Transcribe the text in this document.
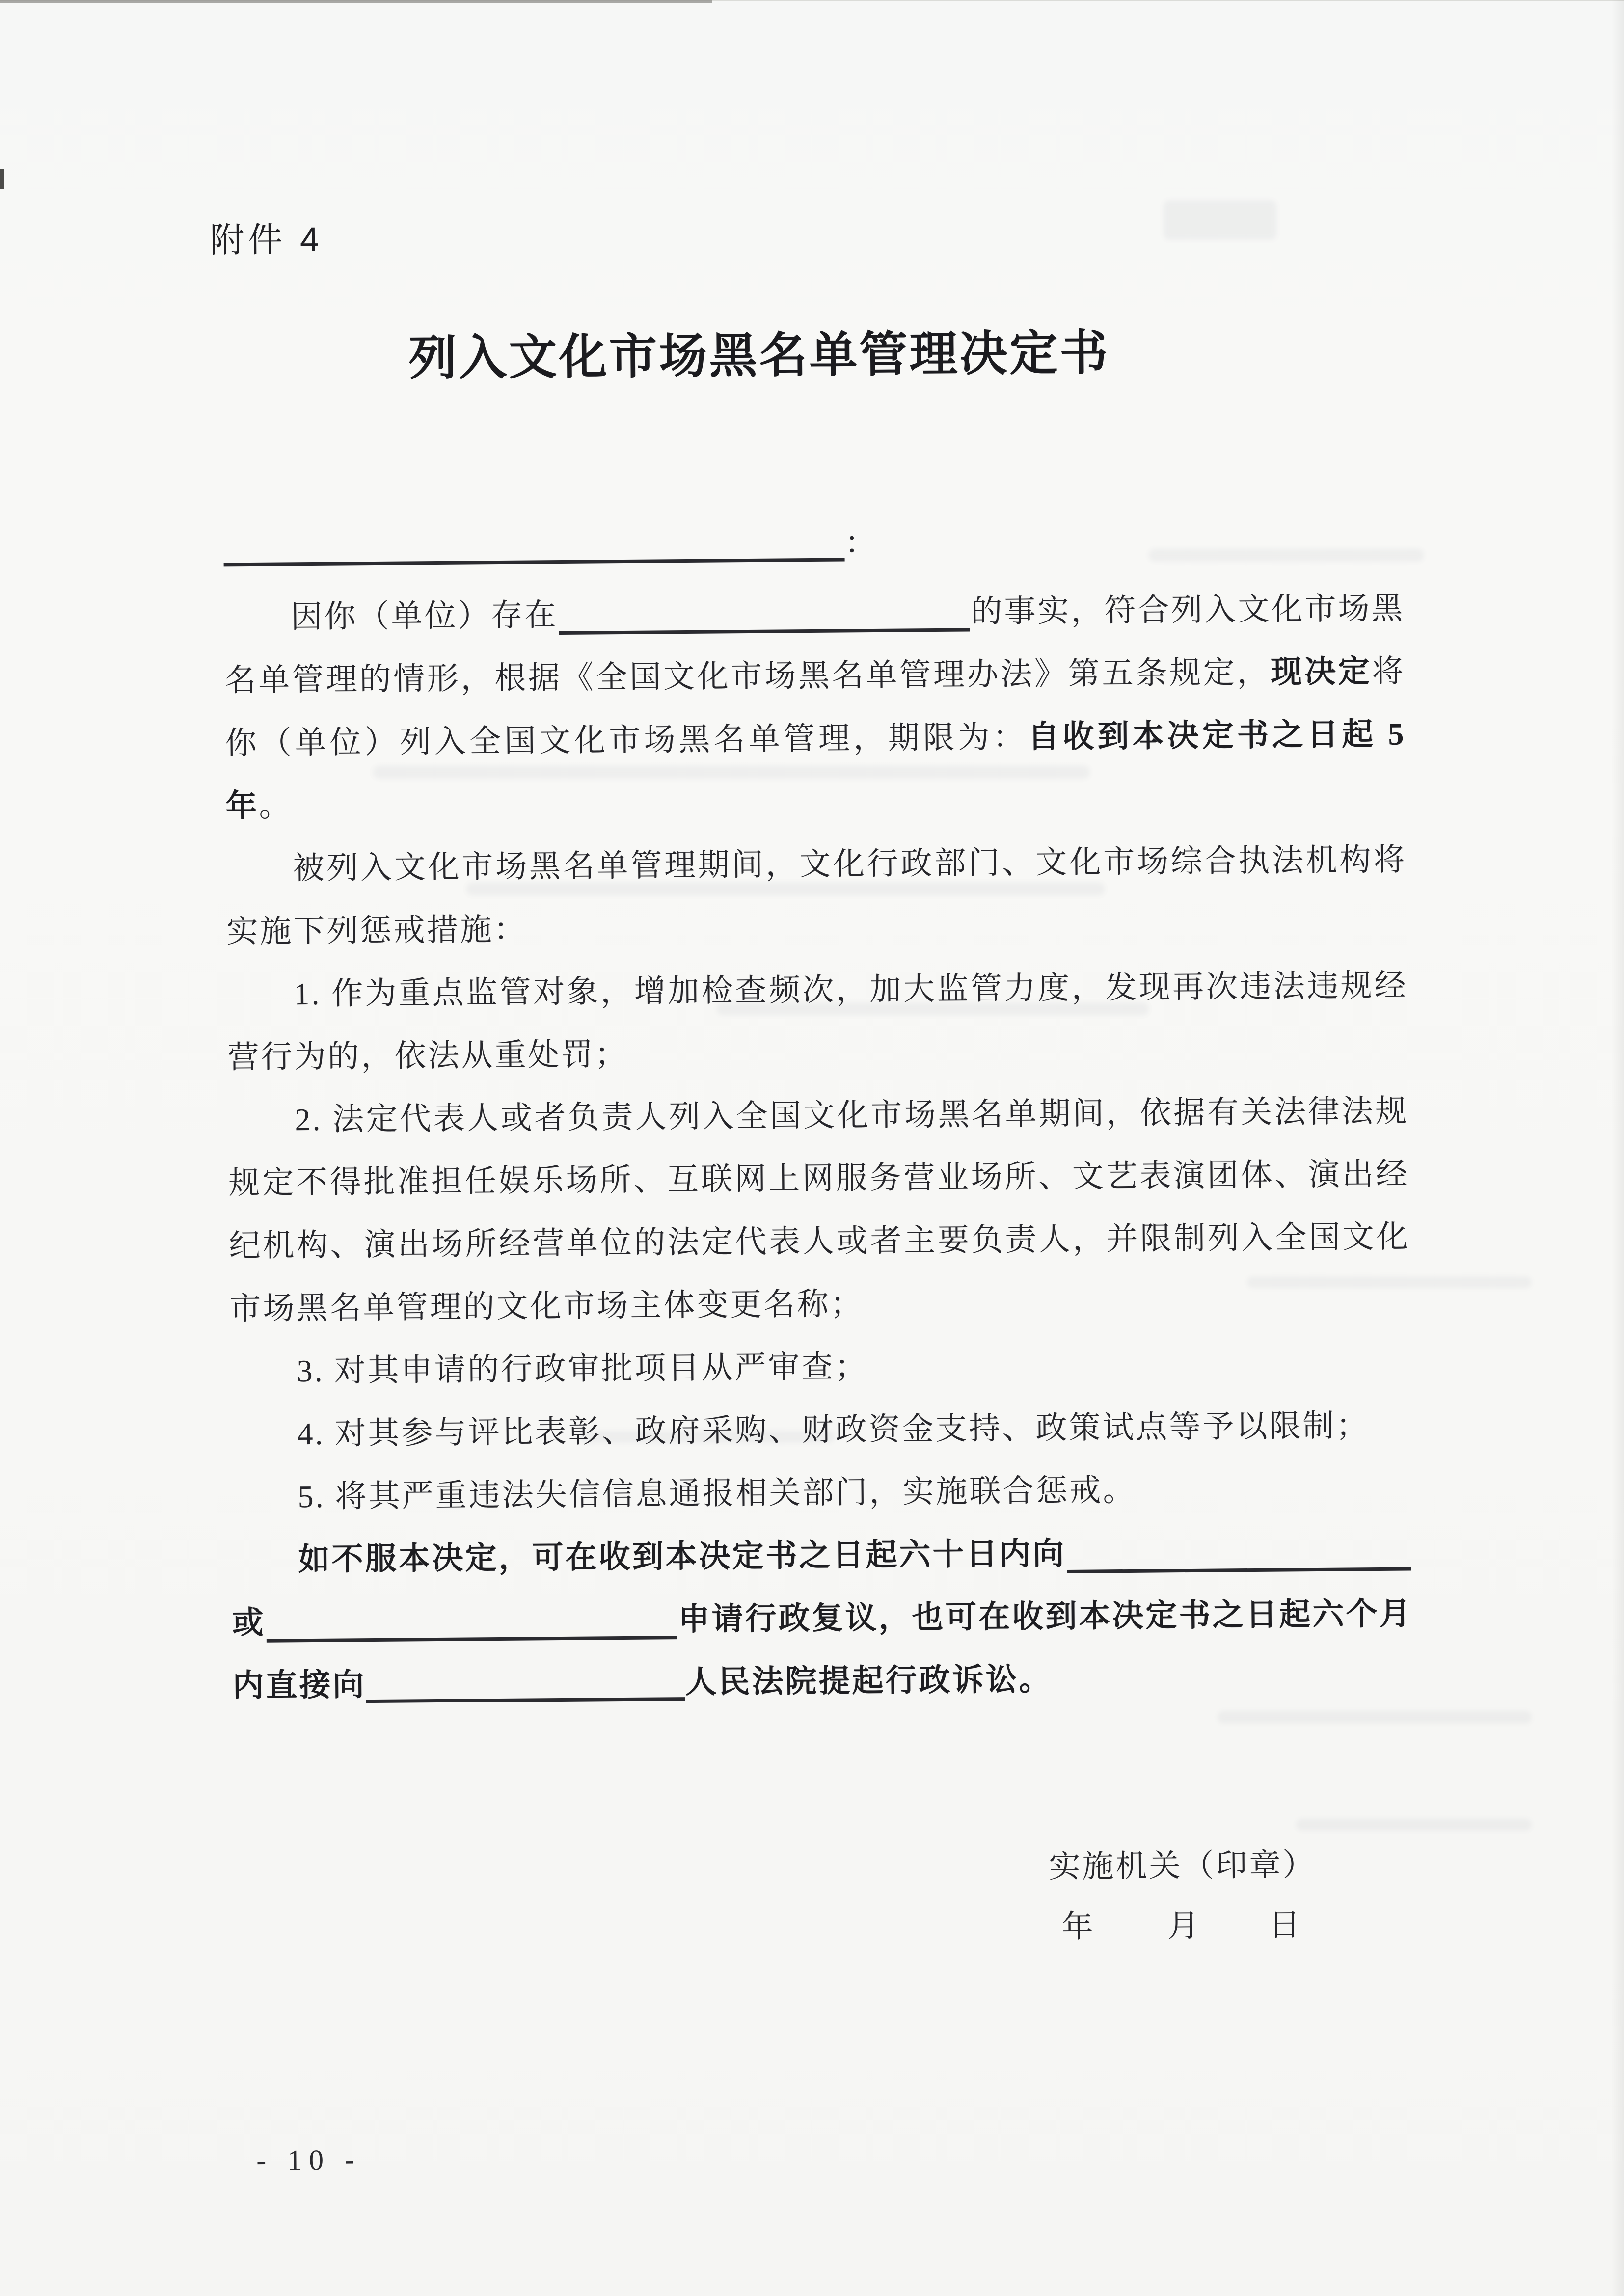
附件 4
列入文化市场黑名单管理决定书
：
因你（单位）存在	的事实，符合列入文化市场黑
名单管理的情形，根据《全国文化市场黑名单管理办法》第五条规定，现决定将
你（单位）列入全国文化市场黑名单管理，期限为：自收到本决定书之日起 5
年。
被列入文化市场黑名单管理期间，文化行政部门、文化市场综合执法机构将
实施下列惩戒措施：
1. 作为重点监管对象，增加检查频次，加大监管力度，发现再次违法违规经
营行为的，依法从重处罚；
2. 法定代表人或者负责人列入全国文化市场黑名单期间，依据有关法律法规
规定不得批准担任娱乐场所、互联网上网服务营业场所、文艺表演团体、演出经
纪机构、演出场所经营单位的法定代表人或者主要负责人，并限制列入全国文化
市场黑名单管理的文化市场主体变更名称；
3. 对其申请的行政审批项目从严审查；
4. 对其参与评比表彰、政府采购、财政资金支持、政策试点等予以限制；
5. 将其严重违法失信信息通报相关部门，实施联合惩戒。
如不服本决定，可在收到本决定书之日起六十日内向
或	申请行政复议，也可在收到本决定书之日起六个月
内直接向	人民法院提起行政诉讼。
实施机关（印章）
年 月 日
- 10 -
